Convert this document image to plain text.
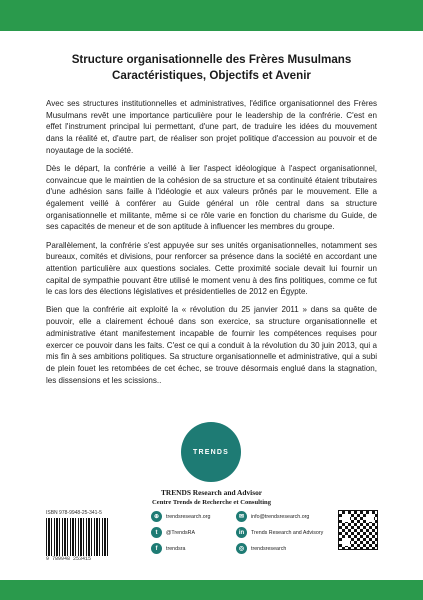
Structure organisationnelle des Frères Musulmans
Caractéristiques, Objectifs et Avenir

Avec ses structures institutionnelles et administratives, l'édifice organisationnel des Frères Musulmans revêt une importance particulière pour le leadership de la confrérie. C'est en effet l'instrument principal lui permettant, d'une part, de traduire les idées du mouvement dans la réalité et, d'autre part, de réaliser son projet politique d'accession au pouvoir et de noyautage de la société.

Dès le départ, la confrérie a veillé à lier l'aspect idéologique à l'aspect organisationnel, convaincue que le maintien de la cohésion de sa structure et sa continuité étaient tributaires d'une adhésion sans faille à l'idéologie et aux valeurs prônés par le mouvement. Elle a également veillé à conférer au Guide général un rôle central dans sa structure organisationnelle et militante, même si ce rôle varie en fonction du charisme du Guide, de ses capacités de meneur et de son aptitude à influencer les membres du groupe.

Parallèlement, la confrérie s'est appuyée sur ses unités organisationnelles, notamment ses bureaux, comités et divisions, pour renforcer sa présence dans la société en accordant une attention particulière aux questions sociales. Cette proximité sociale devait lui fournir un capital de sympathie pouvant être utilisé le moment venu à des fins politiques, comme ce fut le cas lors des élections législatives et présidentielles de 2012 en Égypte.

Bien que la confrérie ait exploité la « révolution du 25 janvier 2011 » dans sa quête de pouvoir, elle a clairement échoué dans son exercice, sa structure organisationnelle et administrative étant manifestement incapable de fournir les compétences requises pour exercer ce pouvoir dans les faits. C'est ce qui a conduit à la révolution du 30 juin 2013, qui a mis fin à ses ambitions politiques. Sa structure organisationnelle et administrative, qui a subi de plein fouet les retombées de cet échec, se trouve désormais englué dans la stagnation, les dissensions et les scissions..

TRENDS
TRENDS Research and Advisor
Centre Trends de Recherche et Consulting
ISBN 978-9948-25-341-5
9 789948 253415
⊕	trendsresearch.org	✉	info@trendsresearch.org
t	@TrendsRA	in	Trends Research and Advisory
f	trendsra	◎	trendsresearch
